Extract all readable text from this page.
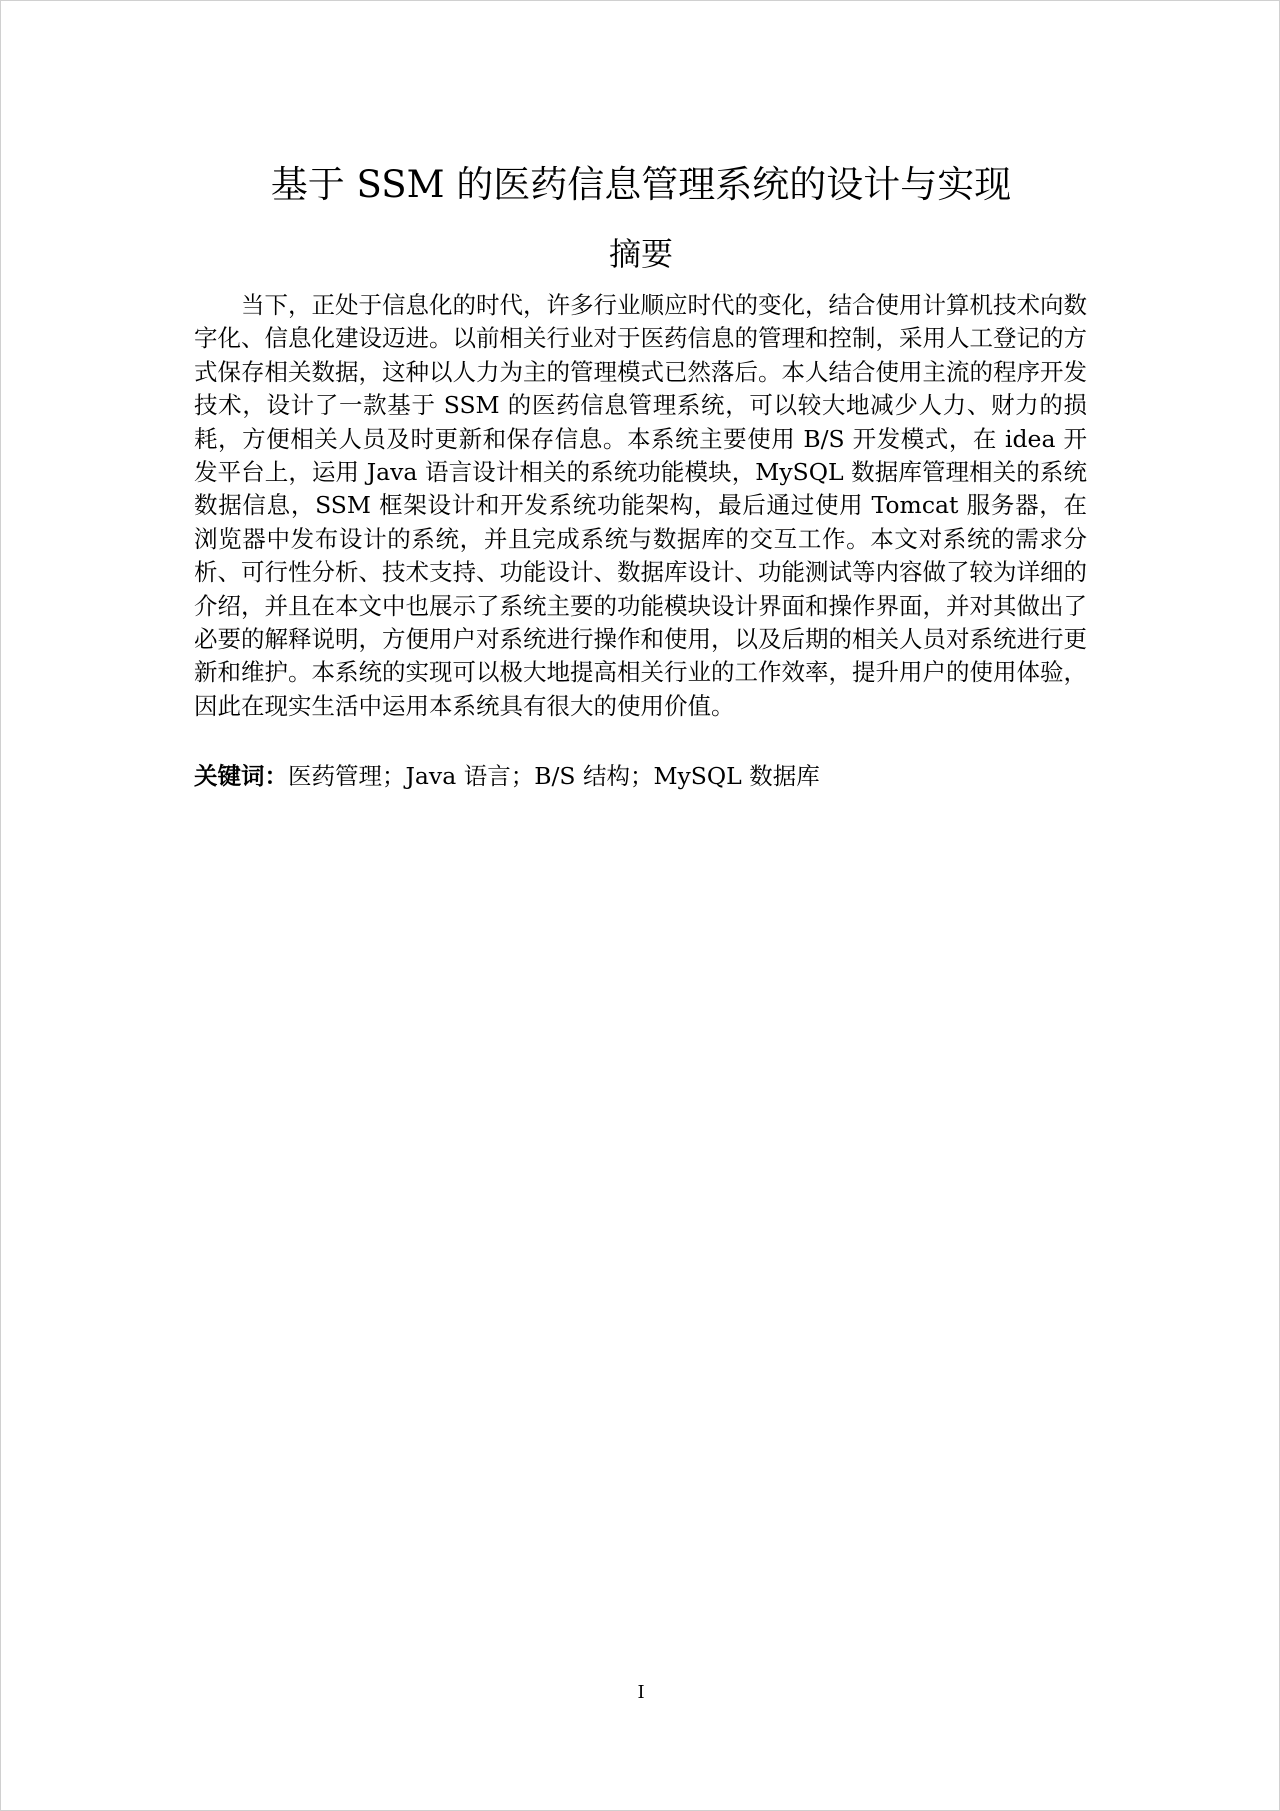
基于 SSM 的医药信息管理系统的设计与实现
摘要

当下，正处于信息化的时代，许多行业顺应时代的变化，结合使用计算机技术向数字化、信息化建设迈进。以前相关行业对于医药信息的管理和控制，采用人工登记的方式保存相关数据，这种以人力为主的管理模式已然落后。本人结合使用主流的程序开发技术，设计了一款基于 SSM 的医药信息管理系统，可以较大地减少人力、财力的损耗，方便相关人员及时更新和保存信息。本系统主要使用 B/S 开发模式，在 idea 开发平台上，运用 Java 语言设计相关的系统功能模块，MySQL 数据库管理相关的系统数据信息，SSM 框架设计和开发系统功能架构，最后通过使用 Tomcat 服务器，在浏览器中发布设计的系统，并且完成系统与数据库的交互工作。本文对系统的需求分析、可行性分析、技术支持、功能设计、数据库设计、功能测试等内容做了较为详细的介绍，并且在本文中也展示了系统主要的功能模块设计界面和操作界面，并对其做出了必要的解释说明，方便用户对系统进行操作和使用，以及后期的相关人员对系统进行更新和维护。本系统的实现可以极大地提高相关行业的工作效率，提升用户的使用体验，因此在现实生活中运用本系统具有很大的使用价值。

关键词：医药管理；Java 语言；B/S 结构；MySQL 数据库

I
